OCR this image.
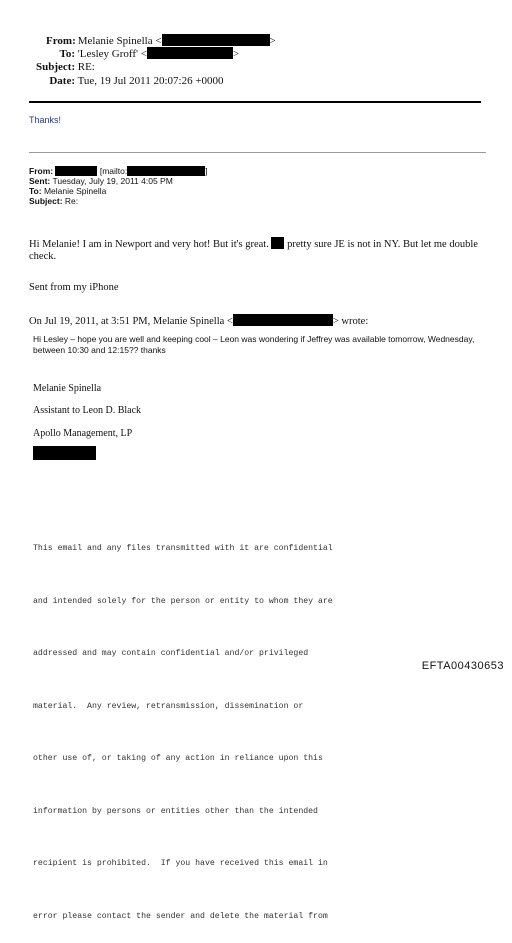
From: Melanie Spinella <	>
To: 'Lesley Groff' <	>
Subject: RE:
Date: Tue, 19 Jul 2011 20:07:26 +0000
Thanks!
From:	[mailto:	]
Sent: Tuesday, July 19, 2011 4:05 PM
To: Melanie Spinella
Subject: Re:
Hi Melanie! I am in Newport and very hot! But it's great. pretty sure JE is not in NY. But let me double
check.
Sent from my iPhone
On Jul 19, 2011, at 3:51 PM, Melanie Spinella <	> wrote:
Hi Lesley – hope you are well and keeping cool – Leon was wondering if Jeffrey was available tomorrow, Wednesday,
between 10:30 and 12:15?? thanks
Melanie Spinella
Assistant to Leon D. Black
Apollo Management, LP

This email and any files transmitted with it are confidential

and intended solely for the person or entity to whom they are

addressed and may contain confidential and/or privileged

material.  Any review, retransmission, dissemination or

other use of, or taking of any action in reliance upon this

information by persons or entities other than the intended

recipient is prohibited.  If you have received this email in

error please contact the sender and delete the material from

EFTA00430653
